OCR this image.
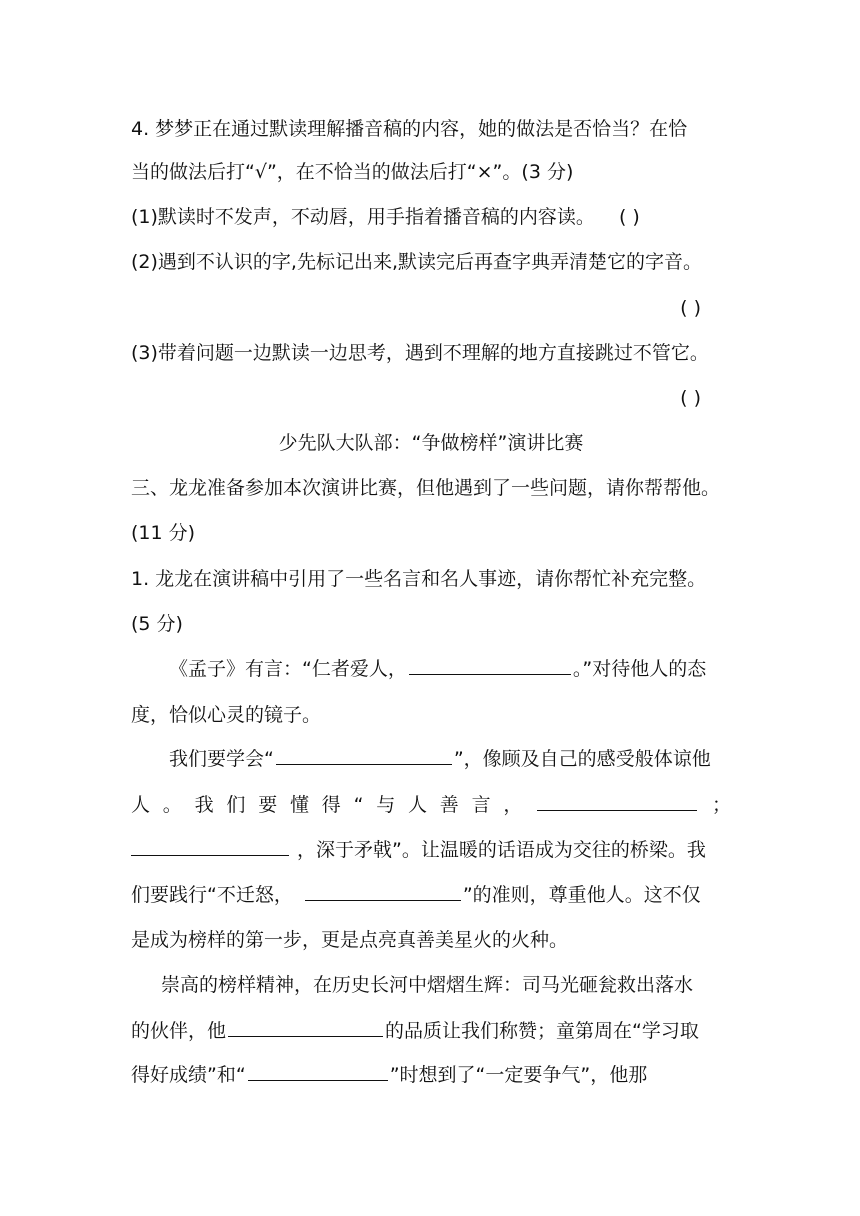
4. 梦梦正在通过默读理解播音稿的内容，她的做法是否恰当？在恰
当的做法后打“√”，在不恰当的做法后打“×”。(3 分)
(1)默读时不发声，不动唇，用手指着播音稿的内容读。 ( )
(2)遇到不认识的字,先标记出来,默读完后再查字典弄清楚它的字音。
( )
(3)带着问题一边默读一边思考，遇到不理解的地方直接跳过不管它。
( )
少先队大队部：“争做榜样”演讲比赛
三、龙龙准备参加本次演讲比赛，但他遇到了一些问题，请你帮帮他。
(11 分)
1. 龙龙在演讲稿中引用了一些名言和名人事迹，请你帮忙补充完整。
(5 分)
《孟子》有言：“仁者爱人，	。”对待他人的态
度，恰似心灵的镜子。
我们要学会“	”，像顾及自己的感受般体谅他
人 。 我 们 要 懂 得 “ 与 人 善 言 ，	；
，深于矛戟”。让温暖的话语成为交往的桥梁。我
们要践行“不迁怒，	”的准则，尊重他人。这不仅
是成为榜样的第一步，更是点亮真善美星火的火种。
崇高的榜样精神，在历史长河中熠熠生辉：司马光砸瓮救出落水
的伙伴，他	的品质让我们称赞；童第周在“学习取
得好成绩”和“	”时想到了“一定要争气”，他那
